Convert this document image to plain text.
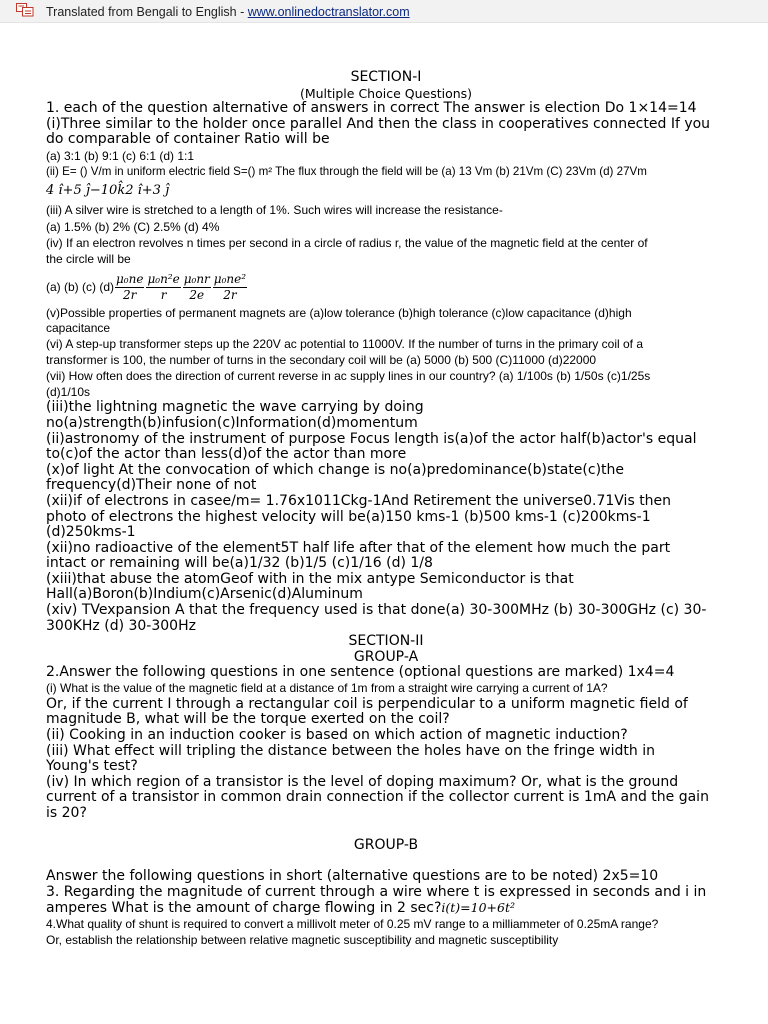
Translated from Bengali to English - www.onlinedoctranslator.com
SECTION-I
(Multiple Choice Questions)
1. each of the question alternative of answers in correct The answer is election Do 1×14=14
(i)Three similar to the holder once parallel And then the class in cooperatives connected If you
do comparable of container Ratio will be
(a) 3:1 (b) 9:1 (c) 6:1 (d) 1:1
(ii) E= () V/m in uniform electric field S=() m² The flux through the field will be (a) 13 Vm (b) 21Vm (C) 23Vm (d) 27Vm
4 î+5 ĵ−10k̂2 î+3 ĵ
(iii) A silver wire is stretched to a length of 1%. Such wires will increase the resistance-
(a) 1.5% (b) 2% (C) 2.5% (d) 4%
(iv) If an electron revolves n times per second in a circle of radius r, the value of the magnetic field at the center of
the circle will be
(a) (b) (c) $(d) \frac{\text{μ₀ne}}{2r} \frac{\text{μ₀n²e}}{r} \frac{\text{μ₀nr}}{2e} \frac{\text{μ₀ne²}}{2r}$
(v)Possible properties of permanent magnets are (a)low tolerance (b)high tolerance (c)low capacitance (d)high
capacitance
(vi) A step-up transformer steps up the 220V ac potential to 11000V. If the number of turns in the primary coil of a
transformer is 100, the number of turns in the secondary coil will be (a) 5000 (b) 500 (C)11000 (d)22000
(vii) How often does the direction of current reverse in ac supply lines in our country? (a) 1/100s (b) 1/50s (c)1/25s
(d)1/10s
(iii)the lightning magnetic the wave carrying by doing
no(a)strength(b)infusion(c)Information(d)momentum
(ii)astronomy of the instrument of purpose Focus length is(a)of the actor half(b)actor's equal
to(c)of the actor than less(d)of the actor than more
(x)of light At the convocation of which change is no(a)predominance(b)state(c)the
frequency(d)Their none of not
(xii)if of electrons in casee/m= 1.76x1011Ckg-1And Retirement the universe0.71Vis then
photo of electrons the highest velocity will be(a)150 kms-1 (b)500 kms-1 (c)200kms-1
(d)250kms-1
(xii)no radioactive of the element5T half life after that of the element how much the part
intact or remaining will be(a)1/32 (b)1/5 (c)1/16 (d) 1/8
(xiii)that abuse the atomGeof with in the mix antype Semiconductor is that
Hall(a)Boron(b)Indium(c)Arsenic(d)Aluminum
(xiv) TVexpansion A that the frequency used is that done(a) 30-300MHz (b) 30-300GHz (c) 30-
300KHz (d) 30-300Hz
SECTION-II
GROUP-A
2.Answer the following questions in one sentence (optional questions are marked) 1x4=4
(i) What is the value of the magnetic field at a distance of 1m from a straight wire carrying a current of 1A?
Or, if the current I through a rectangular coil is perpendicular to a uniform magnetic field of
magnitude B, what will be the torque exerted on the coil?
(ii) Cooking in an induction cooker is based on which action of magnetic induction?
(iii) What effect will tripling the distance between the holes have on the fringe width in
Young's test?
(iv) In which region of a transistor is the level of doping maximum? Or, what is the ground
current of a transistor in common drain connection if the collector current is 1mA and the gain
is 20?
GROUP-B
Answer the following questions in short (alternative questions are to be noted) 2x5=10
3. Regarding the magnitude of current through a wire where t is expressed in seconds and i in
amperes What is the amount of charge flowing in 2 sec?i(t)=10+6t²
4.What quality of shunt is required to convert a millivolt meter of 0.25 mV range to a milliammeter of 0.25mA range?
Or, establish the relationship between relative magnetic susceptibility and magnetic susceptibility
